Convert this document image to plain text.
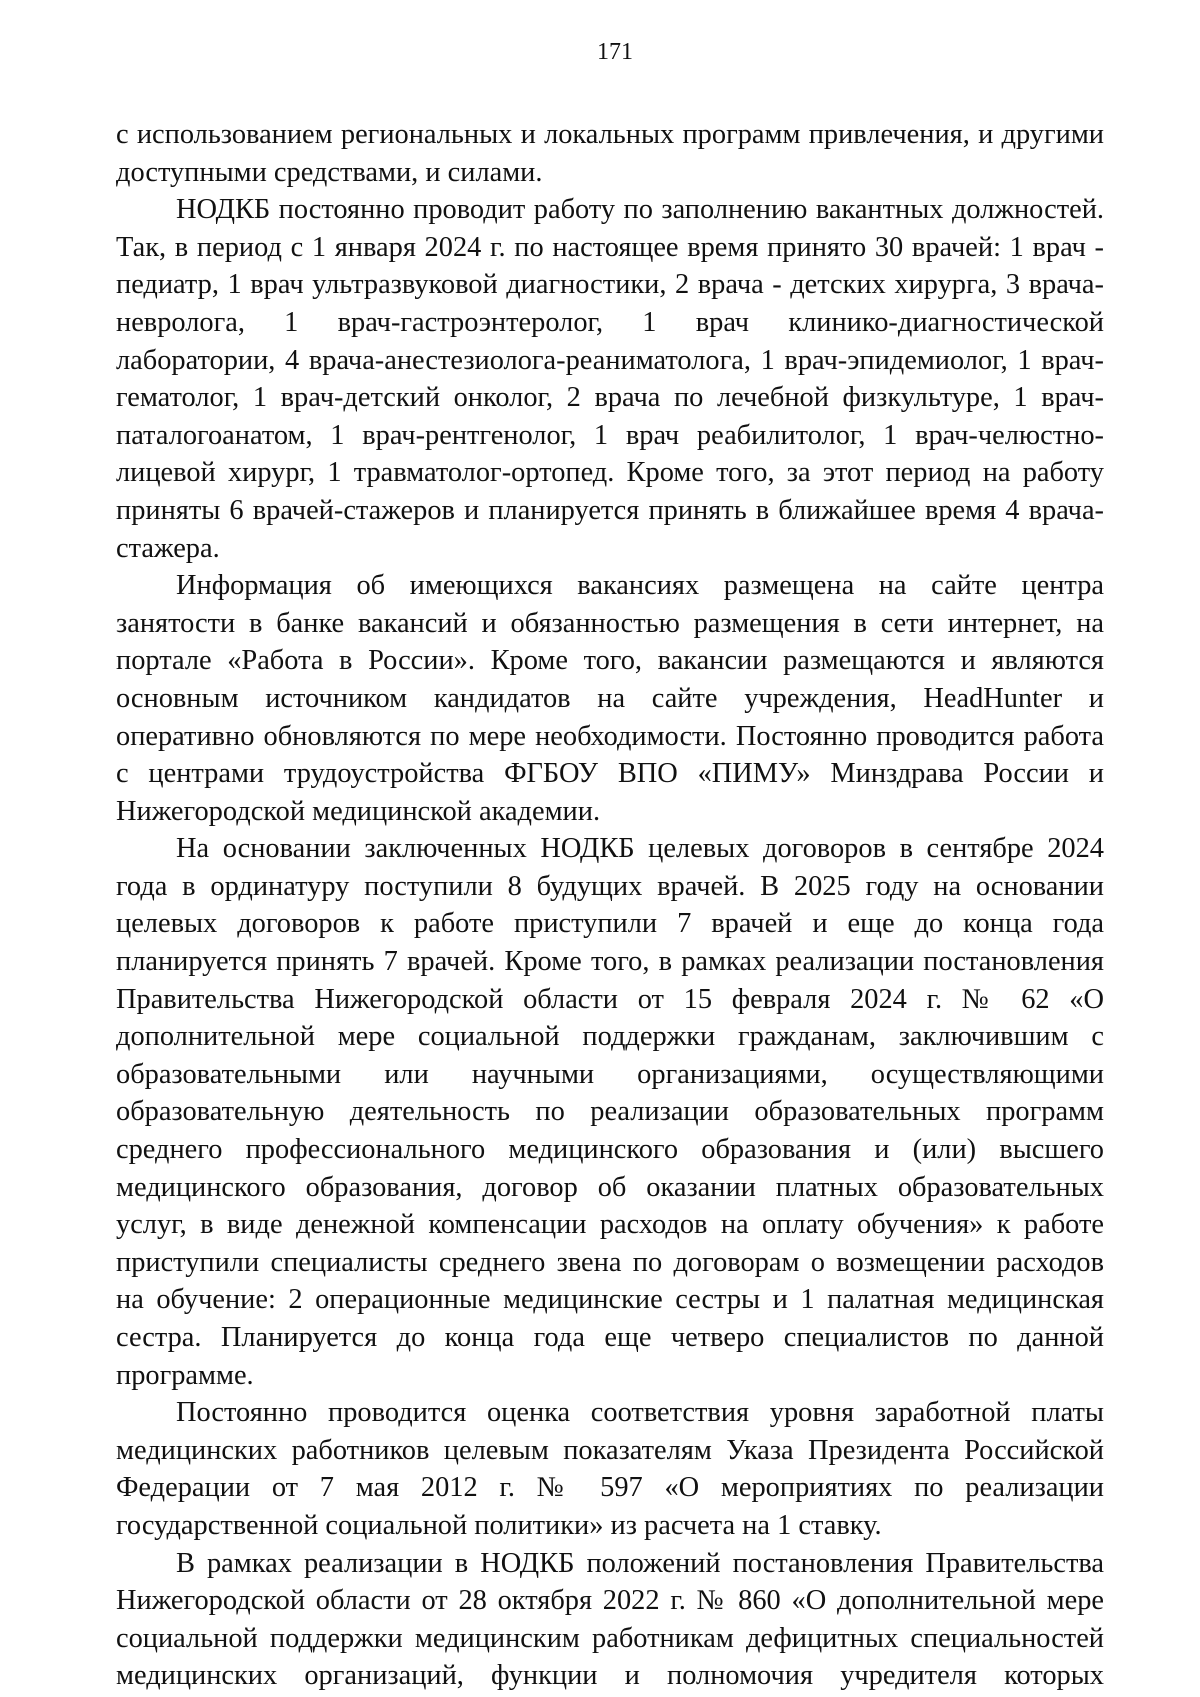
171

с использованием региональных и локальных программ привлечения, и другими доступными средствами, и силами.

НОДКБ постоянно проводит работу по заполнению вакантных должностей. Так, в период с 1 января 2024 г. по настоящее время принято 30 врачей: 1 врач - педиатр, 1 врач ультразвуковой диагностики, 2 врача - детских хирурга, 3 врача-невролога, 1 врач-гастроэнтеролог, 1 врач клинико-диагностической лаборатории, 4 врача-анестезиолога-реаниматолога, 1 врач-эпидемиолог, 1 врач-гематолог, 1 врач-детский онколог, 2 врача по лечебной физкультуре, 1 врач-паталогоанатом, 1 врач-рентгенолог, 1 врач реабилитолог, 1 врач-челюстно-лицевой хирург, 1 травматолог-ортопед. Кроме того, за этот период на работу приняты 6 врачей-стажеров и планируется принять в ближайшее время 4 врача-стажера.

Информация об имеющихся вакансиях размещена на сайте центра занятости в банке вакансий и обязанностью размещения в сети интернет, на портале «Работа в России». Кроме того, вакансии размещаются и являются основным источником кандидатов на сайте учреждения, HeadHunter и оперативно обновляются по мере необходимости. Постоянно проводится работа с центрами трудоустройства ФГБОУ ВПО «ПИМУ» Минздрава России и Нижегородской медицинской академии.

На основании заключенных НОДКБ целевых договоров в сентябре 2024 года в ординатуру поступили 8 будущих врачей. В 2025 году на основании целевых договоров к работе приступили 7 врачей и еще до конца года планируется принять 7 врачей. Кроме того, в рамках реализации постановления Правительства Нижегородской области от 15 февраля 2024 г. № 62 «О дополнительной мере социальной поддержки гражданам, заключившим с образовательными или научными организациями, осуществляющими образовательную деятельность по реализации образовательных программ среднего профессионального медицинского образования и (или) высшего медицинского образования, договор об оказании платных образовательных услуг, в виде денежной компенсации расходов на оплату обучения» к работе приступили специалисты среднего звена по договорам о возмещении расходов на обучение: 2 операционные медицинские сестры и 1 палатная медицинская сестра. Планируется до конца года еще четверо специалистов по данной программе.

Постоянно проводится оценка соответствия уровня заработной платы медицинских работников целевым показателям Указа Президента Российской Федерации от 7 мая 2012 г. № 597 «О мероприятиях по реализации государственной социальной политики» из расчета на 1 ставку.

В рамках реализации в НОДКБ положений постановления Правительства Нижегородской области от 28 октября 2022 г. № 860 «О дополнительной мере социальной поддержки медицинским работникам дефицитных специальностей медицинских организаций, функции и полномочия учредителя которых
